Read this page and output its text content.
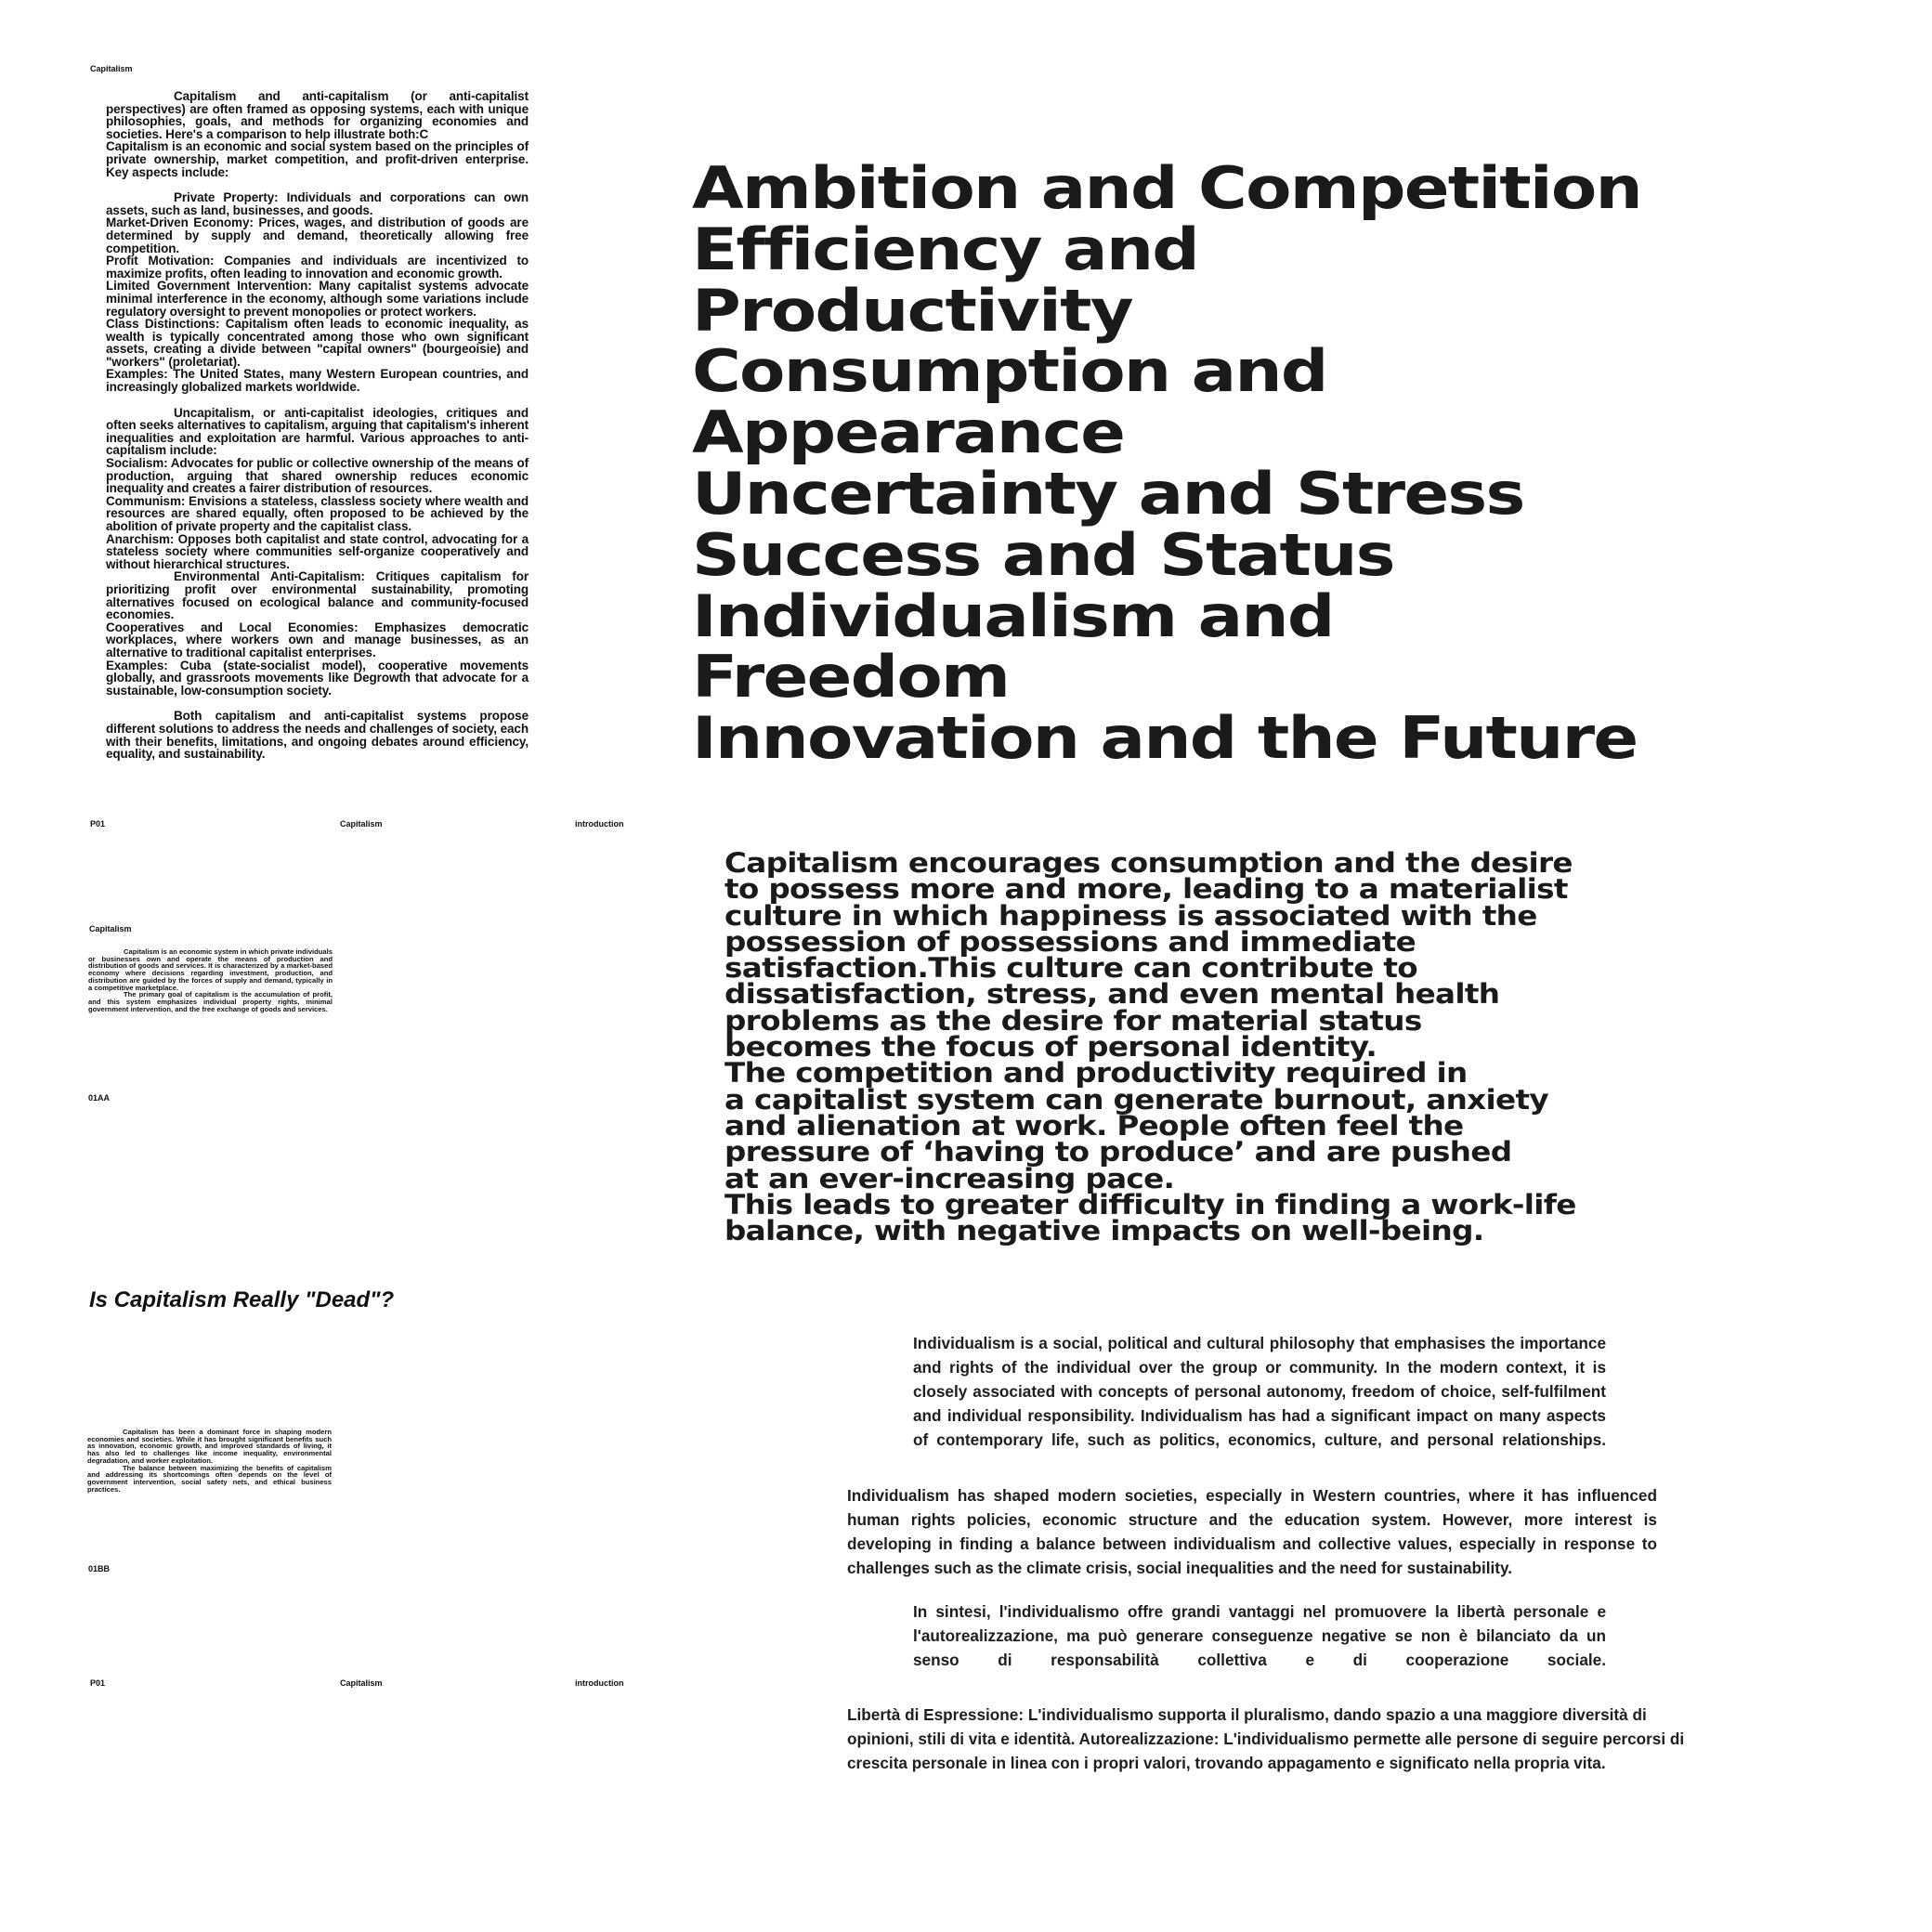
Capitalism

Capitalism and anti-capitalism (or anti-capitalist perspectives) are often framed as opposing systems, each with unique philosophies, goals, and methods for organizing economies and societies. Here's a comparison to help illustrate both:C

Capitalism is an economic and social system based on the principles of private ownership, market competition, and profit-driven enterprise. Key aspects include:

Private Property: Individuals and corporations can own assets, such as land, businesses, and goods.

Market-Driven Economy: Prices, wages, and distribution of goods are determined by supply and demand, theoretically allowing free competition.

Profit Motivation: Companies and individuals are incentivized to maximize profits, often leading to innovation and economic growth.

Limited Government Intervention: Many capitalist systems advocate minimal interference in the economy, although some variations include regulatory oversight to prevent monopolies or protect workers.

Class Distinctions: Capitalism often leads to economic inequality, as wealth is typically concentrated among those who own significant assets, creating a divide between "capital owners" (bourgeoisie) and "workers" (proletariat).

Examples: The United States, many Western European countries, and increasingly globalized markets worldwide.

Uncapitalism, or anti-capitalist ideologies, critiques and often seeks alternatives to capitalism, arguing that capitalism's inherent inequalities and exploitation are harmful. Various approaches to anti-capitalism include:

Socialism: Advocates for public or collective ownership of the means of production, arguing that shared ownership reduces economic inequality and creates a fairer distribution of resources.

Communism: Envisions a stateless, classless society where wealth and resources are shared equally, often proposed to be achieved by the abolition of private property and the capitalist class.

Anarchism: Opposes both capitalist and state control, advocating for a stateless society where communities self-organize cooperatively and without hierarchical structures.

Environmental Anti-Capitalism: Critiques capitalism for prioritizing profit over environmental sustainability, promoting alternatives focused on ecological balance and community-focused economies.

Cooperatives and Local Economies: Emphasizes democratic workplaces, where workers own and manage businesses, as an alternative to traditional capitalist enterprises.

Examples: Cuba (state-socialist model), cooperative movements globally, and grassroots movements like Degrowth that advocate for a sustainable, low-consumption society.

Both capitalism and anti-capitalist systems propose different solutions to address the needs and challenges of society, each with their benefits, limitations, and ongoing debates around efficiency, equality, and sustainability.

P01	Capitalism	introduction
Capitalism

Capitalism is an economic system in which private individuals or businesses own and operate the means of production and distribution of goods and services. It is characterized by a market-based economy where decisions regarding investment, production, and distribution are guided by the forces of supply and demand, typically in a competitive marketplace.

The primary goal of capitalism is the accumulation of profit, and this system emphasizes individual property rights, minimal government intervention, and the free exchange of goods and services.

01AA
Is Capitalism Really "Dead"?

Capitalism has been a dominant force in shaping modern economies and societies. While it has brought significant benefits such as innovation, economic growth, and improved standards of living, it has also led to challenges like income inequality, environmental degradation, and worker exploitation.

The balance between maximizing the benefits of capitalism and addressing its shortcomings often depends on the level of government intervention, social safety nets, and ethical business practices.

01BB
P01	Capitalism	introduction
Ambition and Competition
Efficiency and
Productivity
Consumption and
Appearance
Uncertainty and Stress
Success and Status
Individualism and
Freedom
Innovation and the Future
Capitalism encourages consumption and the desire
to possess more and more, leading to a materialist
culture in which happiness is associated with the
possession of possessions and immediate
satisfaction.This culture can contribute to
dissatisfaction, stress, and even mental health
problems as the desire for material status
becomes the focus of personal identity.
The competition and productivity required in
a capitalist system can generate burnout, anxiety
and alienation at work. People often feel the
pressure of ‘having to produce’ and are pushed
at an ever-increasing pace.
This leads to greater difficulty in finding a work-life
balance, with negative impacts on well-being.
Individualism is a social, political and cultural philosophy that emphasises the importance and rights of the individual over the group or community. In the modern context, it is closely associated with concepts of personal autonomy, freedom of choice, self-fulfilment and individual responsibility. Individualism has had a significant impact on many aspects of contemporary life, such as politics, economics, culture, and personal relationships.
Individualism has shaped modern societies, especially in Western countries, where it has influenced human rights policies, economic structure and the education system. However, more interest is developing in finding a balance between individualism and collective values, especially in response to challenges such as the climate crisis, social inequalities and the need for sustainability.
In sintesi, l'individualismo offre grandi vantaggi nel promuovere la libertà personale e l'autorealizzazione, ma può generare conseguenze negative se non è bilanciato da un senso di responsabilità collettiva e di cooperazione sociale.
Libertà di Espressione: L'individualismo supporta il pluralismo, dando spazio a una maggiore diversità di opinioni, stili di vita e identità. Autorealizzazione: L'individualismo permette alle persone di seguire percorsi di crescita personale in linea con i propri valori, trovando appagamento e significato nella propria vita.
